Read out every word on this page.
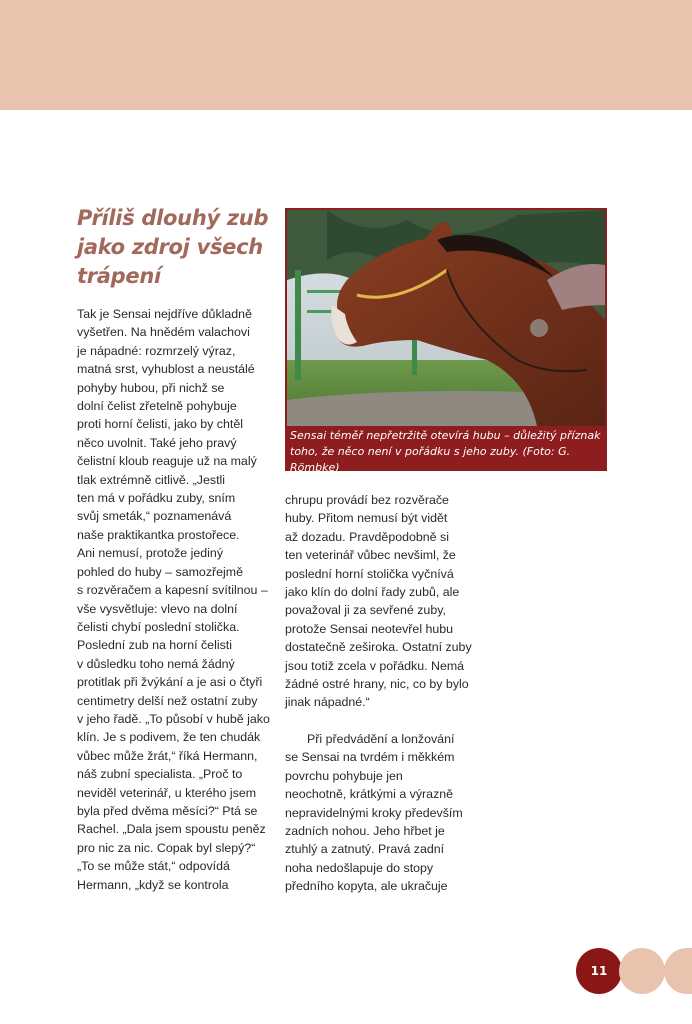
Příliš dlouhý zub
jako zdroj všech
trápení
Sensai téměř nepřetržitě otevírá hubu – důležitý příznak toho, že něco není v pořádku s jeho zuby. (Foto: G. Römbke)

Tak je Sensai nejdříve důkladně
vyšetřen. Na hnědém valachovi
je nápadné: rozmrzelý výraz,
matná srst, vyhublost a neustálé
pohyby hubou, při nichž se
dolní čelist zřetelně pohybuje
proti horní čelisti, jako by chtěl
něco uvolnit. Také jeho pravý
čelistní kloub reaguje už na malý
tlak extrémně citlivě. „Jestli
ten má v pořádku zuby, sním
svůj smeták,“ poznamenává
naše praktikantka prostořece.
Ani nemusí, protože jediný
pohled do huby – samozřejmě
s rozvěračem a kapesní svítilnou –
vše vysvětluje: vlevo na dolní
čelisti chybí poslední stolička.
Poslední zub na horní čelisti
v důsledku toho nemá žádný
protitlak při žvýkání a je asi o čtyři
centimetry delší než ostatní zuby
v jeho řadě. „To působí v hubě jako
klín. Je s podivem, že ten chudák
vůbec může žrát,“ říká Hermann,
náš zubní specialista. „Proč to
neviděl veterinář, u kterého jsem
byla před dvěma měsíci?“ Ptá se
Rachel. „Dala jsem spoustu peněz
pro nic za nic. Copak byl slepý?“
„To se může stát,“ odpovídá
Hermann, „když se kontrola

chrupu provádí bez rozvěrače
huby. Přitom nemusí být vidět
až dozadu. Pravděpodobně si
ten veterinář vůbec nevšiml, že
poslední horní stolička vyčnívá
jako klín do dolní řady zubů, ale
považoval ji za sevřené zuby,
protože Sensai neotevřel hubu
dostatečně zeširoka. Ostatní zuby
jsou totiž zcela v pořádku. Nemá
žádné ostré hrany, nic, co by bylo
jinak nápadné.“

Při předvádění a lonžování
se Sensai na tvrdém i měkkém
povrchu pohybuje jen
neochotně, krátkými a výrazně
nepravidelnými kroky především
zadních nohou. Jeho hřbet je
ztuhlý a zatnutý. Pravá zadní
noha nedošlapuje do stopy
předního kopyta, ale ukračuje

11
